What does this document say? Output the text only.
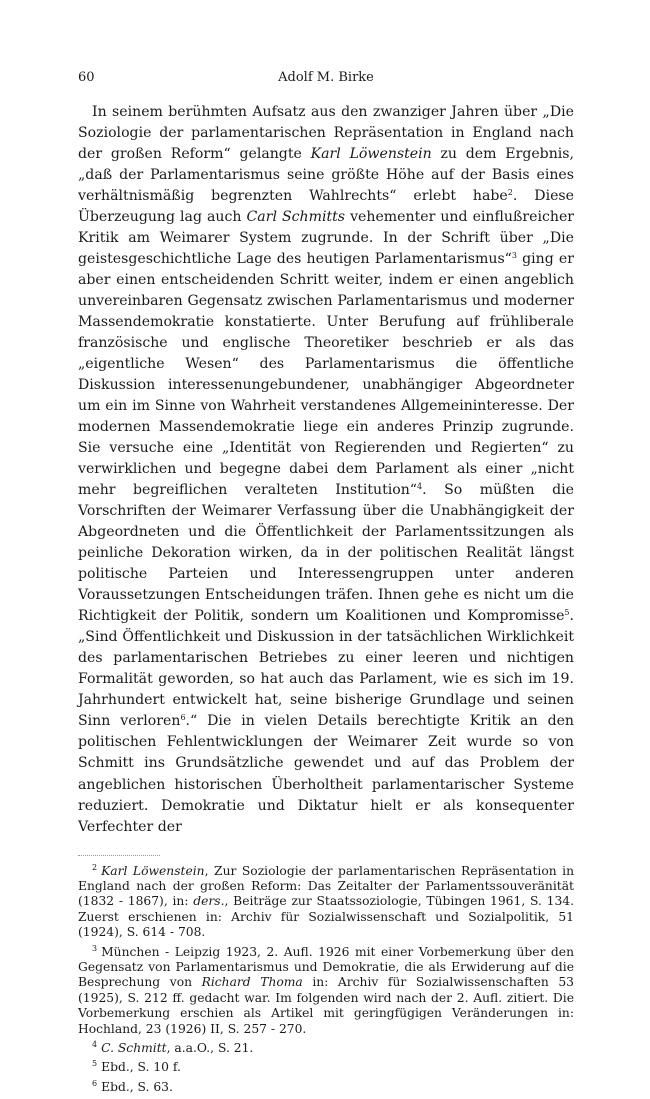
60	Adolf M. Birke

In seinem berühmten Aufsatz aus den zwanziger Jahren über „Die Soziologie der parlamentarischen Repräsentation in England nach der großen Reform“ gelangte Karl Löwenstein zu dem Ergebnis, „daß der Parlamentarismus seine größte Höhe auf der Basis eines verhältnismäßig begrenzten Wahlrechts“ erlebt habe$^2$. Diese Überzeugung lag auch Carl Schmitts vehementer und einflußreicher Kritik am Weimarer System zugrunde. In der Schrift über „Die geistesgeschichtliche Lage des heutigen Parlamentarismus“$^3$ ging er aber einen entscheidenden Schritt weiter, indem er einen angeblich unvereinbaren Gegensatz zwischen Parlamentarismus und moderner Massendemokratie konstatierte. Unter Berufung auf frühliberale französische und englische Theoretiker beschrieb er als das „eigentliche Wesen“ des Parlamentarismus die öffentliche Diskussion interessenungebundener, unabhängiger Abgeordneter um ein im Sinne von Wahrheit verstandenes Allgemeininteresse. Der modernen Massendemokratie liege ein anderes Prinzip zugrunde. Sie versuche eine „Identität von Regierenden und Regierten“ zu verwirklichen und begegne dabei dem Parlament als einer „nicht mehr begreiflichen veralteten Institution“$^4$. So müßten die Vorschriften der Weimarer Verfassung über die Unabhängigkeit der Abgeordneten und die Öffentlichkeit der Parlamentssitzungen als peinliche Dekoration wirken, da in der politischen Realität längst politische Parteien und Interessengruppen unter anderen Voraussetzungen Entscheidungen träfen. Ihnen gehe es nicht um die Richtigkeit der Politik, sondern um Koalitionen und Kompromisse$^5$. „Sind Öffentlichkeit und Diskussion in der tatsächlichen Wirklichkeit des parlamentarischen Betriebes zu einer leeren und nichtigen Formalität geworden, so hat auch das Parlament, wie es sich im 19. Jahrhundert entwickelt hat, seine bisherige Grundlage und seinen Sinn verloren$^6$.“ Die in vielen Details berechtigte Kritik an den politischen Fehlentwicklungen der Weimarer Zeit wurde so von Schmitt ins Grundsätzliche gewendet und auf das Problem der angeblichen historischen Überholtheit parlamentarischer Systeme reduziert. Demokratie und Diktatur hielt er als konsequenter Verfechter der

$^2$ Karl Löwenstein, Zur Soziologie der parlamentarischen Repräsentation in England nach der großen Reform: Das Zeitalter der Parlamentssouveränität (1832 - 1867), in: ders., Beiträge zur Staatssoziologie, Tübingen 1961, S. 134. Zuerst erschienen in: Archiv für Sozialwissenschaft und Sozialpolitik, 51 (1924), S. 614 - 708.

$^3$ München - Leipzig 1923, 2. Aufl. 1926 mit einer Vorbemerkung über den Gegensatz von Parlamentarismus und Demokratie, die als Erwiderung auf die Besprechung von Richard Thoma in: Archiv für Sozialwissenschaften 53 (1925), S. 212 ff. gedacht war. Im folgenden wird nach der 2. Aufl. zitiert. Die Vorbemerkung erschien als Artikel mit geringfügigen Veränderungen in: Hochland, 23 (1926) II, S. 257 - 270.

$^4$ C. Schmitt, a.a.O., S. 21.

$^5$ Ebd., S. 10 f.

$^6$ Ebd., S. 63.
